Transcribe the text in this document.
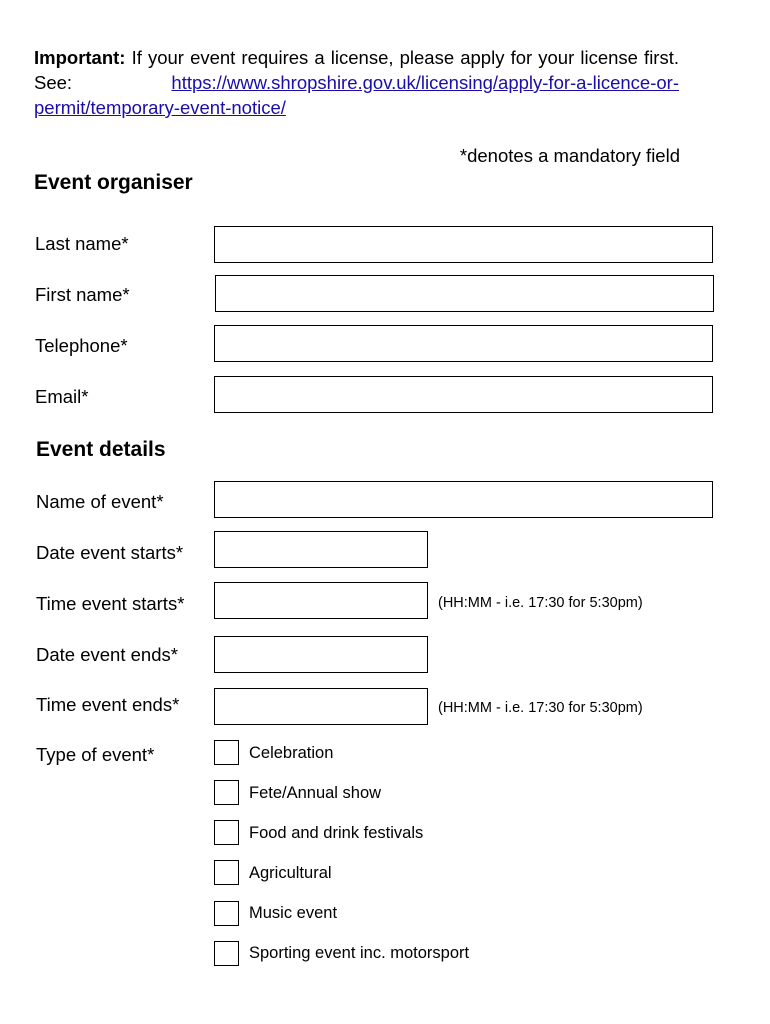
Important: If your event requires a license, please apply for your license first. See: https://www.shropshire.gov.uk/licensing/apply-for-a-licence-or-permit/temporary-event-notice/

*denotes a mandatory field
Event organiser
Last name*
First name*
Telephone*
Email*
Event details
Name of event*
Date event starts*
Time event starts*	(HH:MM - i.e. 17:30 for 5:30pm)
Date event ends*
Time event ends*	(HH:MM - i.e. 17:30 for 5:30pm)
Type of event*	Celebration
Fete/Annual show
Food and drink festivals
Agricultural
Music event
Sporting event inc. motorsport
